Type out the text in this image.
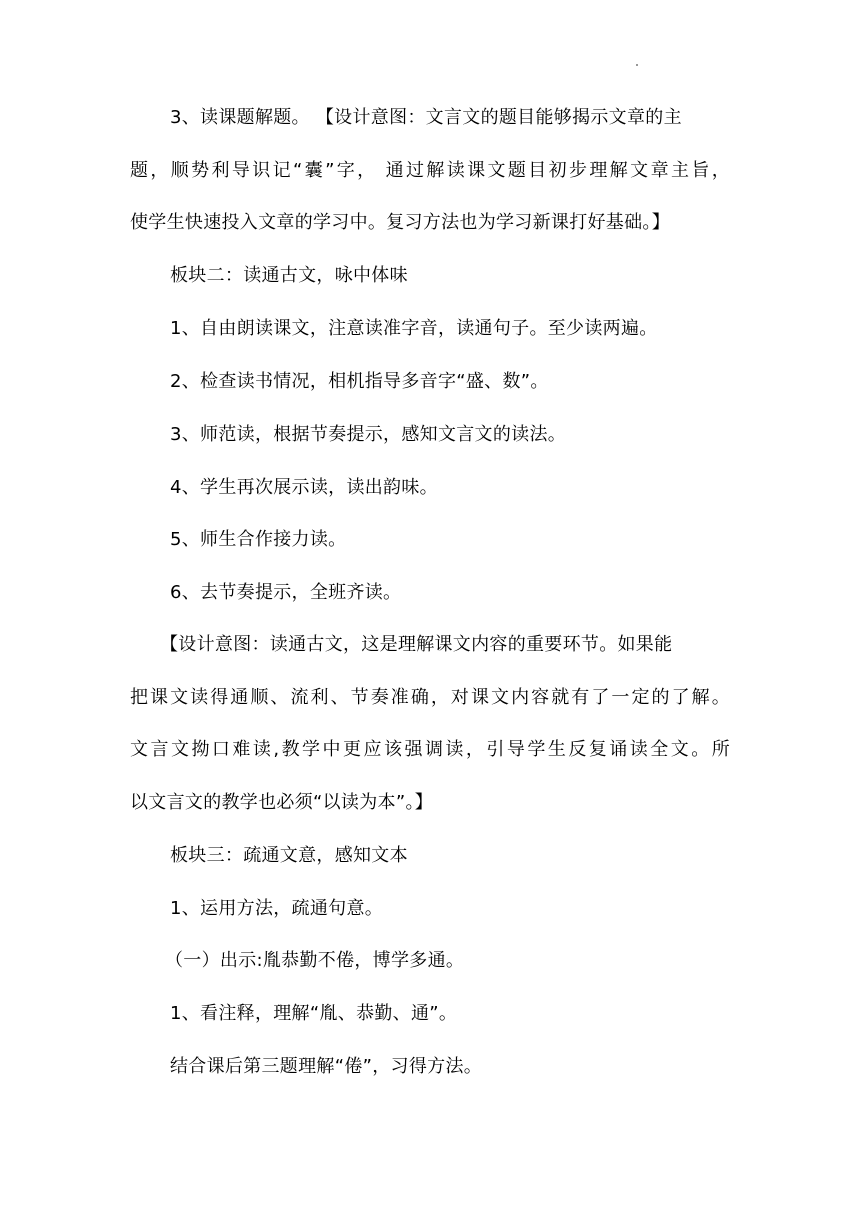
3、读课题解题。 【设计意图：文言文的题目能够揭示文章的主
题，顺势利导识记“囊”字， 通过解读课文题目初步理解文章主旨，
使学生快速投入文章的学习中。复习方法也为学习新课打好基础。】
板块二：读通古文，咏中体味
1、自由朗读课文，注意读准字音，读通句子。至少读两遍。
2、检查读书情况，相机指导多音字“盛、数”。
3、师范读，根据节奏提示，感知文言文的读法。
4、学生再次展示读，读出韵味。
5、师生合作接力读。
6、去节奏提示，全班齐读。
【设计意图：读通古文，这是理解课文内容的重要环节。如果能
把课文读得通顺、流利、节奏准确，对课文内容就有了一定的了解。
文言文拗口难读,教学中更应该强调读，引导学生反复诵读全文。所
以文言文的教学也必须“以读为本”。】
板块三：疏通文意，感知文本
1、运用方法，疏通句意。
（一）出示:胤恭勤不倦，博学多通。
1、看注释，理解“胤、恭勤、通”。
结合课后第三题理解“倦”，习得方法。
